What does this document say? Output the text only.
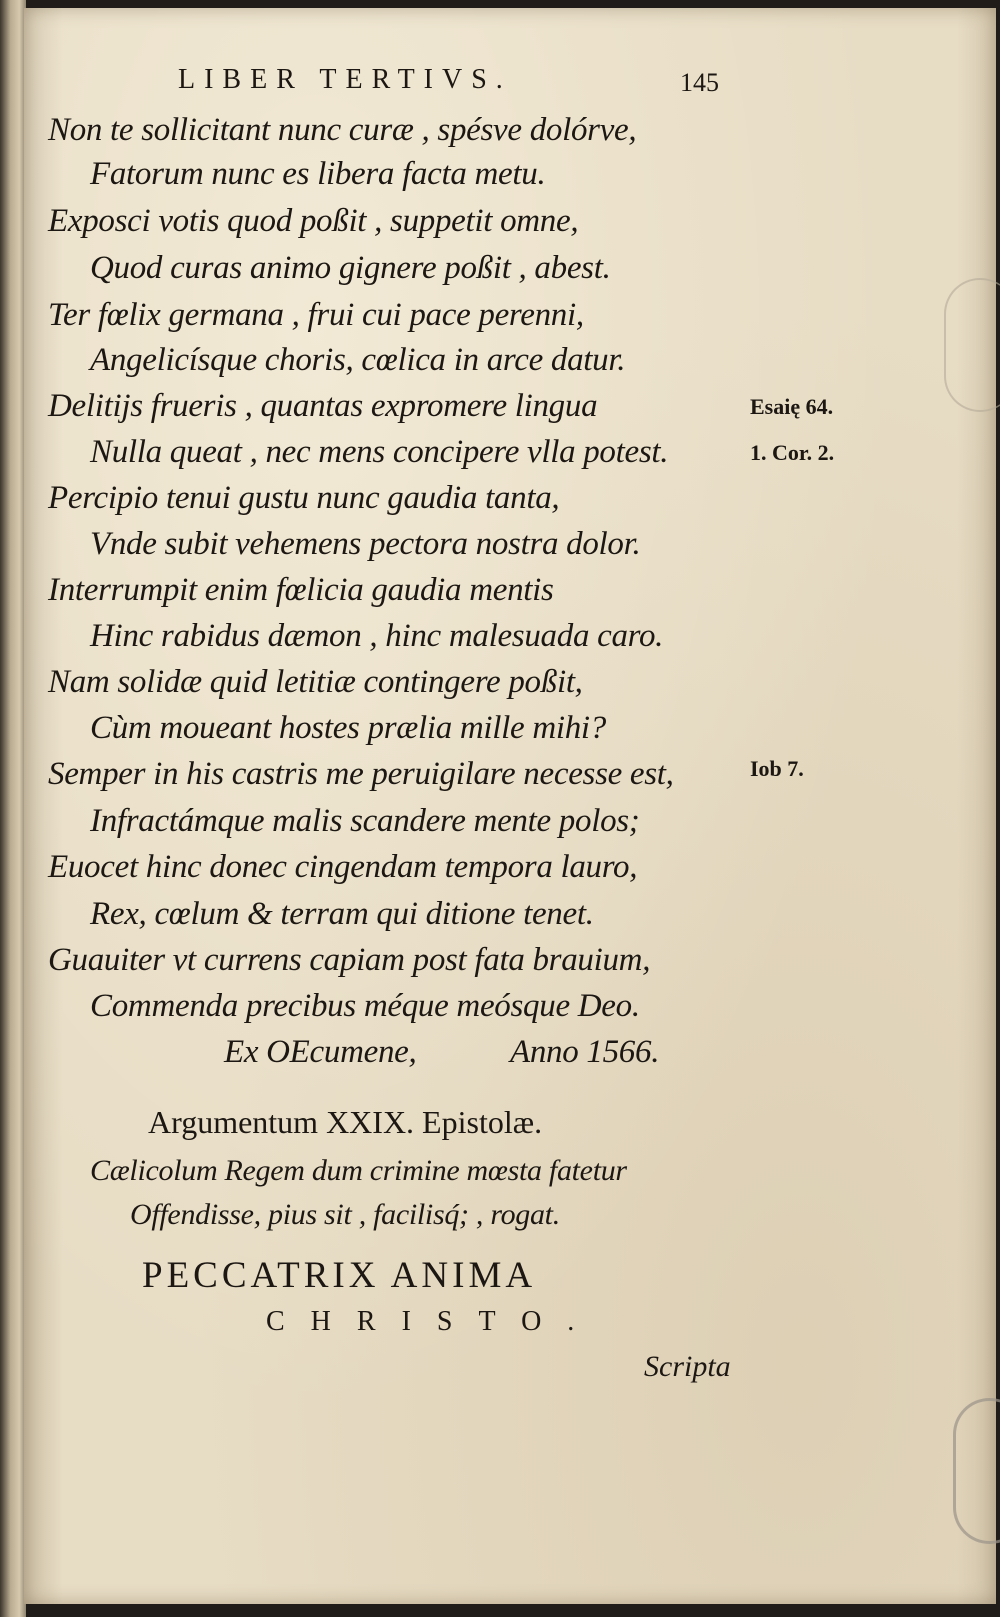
LIBER TERTIVS.	145
Non te sollicitant nunc curæ , spésve dolórve,
Fatorum nunc es libera facta metu.
Exposci votis quod poßit , suppetit omne,
Quod curas animo gignere poßit , abest.
Ter fœlix germana , frui cui pace perenni,
Angelicísque choris, cœlica in arce datur.
Delitijs frueris , quantas expromere lingua
Nulla queat , nec mens concipere vlla potest.
Percipio tenui gustu nunc gaudia tanta,
Vnde subit vehemens pectora nostra dolor.
Interrumpit enim fœlicia gaudia mentis
Hinc rabidus dæmon , hinc malesuada caro.
Nam solidæ quid letitiæ contingere poßit,
Cùm moueant hostes prælia mille mihi?
Semper in his castris me peruigilare necesse est,
Infractámque malis scandere mente polos;
Euocet hinc donec cingendam tempora lauro,
Rex, cœlum & terram qui ditione tenet.
Guauiter vt currens capiam post fata brauium,
Commenda precibus méque meósque Deo.
Ex OEcumene,	Anno 1566.
Esaię 64.
1. Cor. 2.
Iob 7.
Argumentum XXIX. Epistolæ.
Cælicolum Regem dum crimine mœsta fatetur
Offendisse, pius sit , facilisq́; , rogat.
PECCATRIX ANIMA
CHRISTO.
Scripta
